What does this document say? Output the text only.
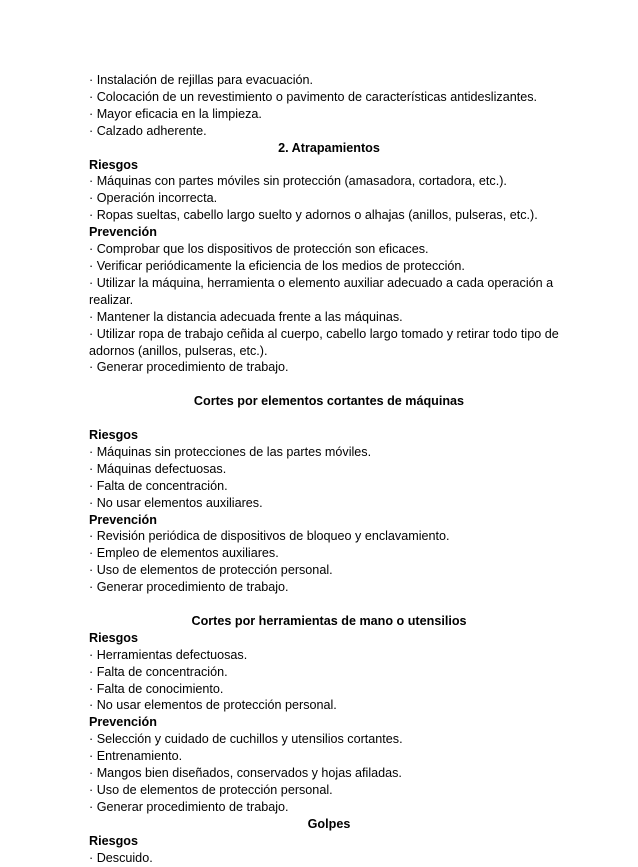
· Instalación de rejillas para evacuación.
· Colocación de un revestimiento o pavimento de características antideslizantes.
· Mayor eficacia en la limpieza.
· Calzado adherente.
2. Atrapamientos
Riesgos
· Máquinas con partes móviles sin protección (amasadora, cortadora, etc.).
· Operación incorrecta.
· Ropas sueltas, cabello largo suelto y adornos o alhajas (anillos, pulseras, etc.).
Prevención
· Comprobar que los dispositivos de protección son eficaces.
· Verificar periódicamente la eficiencia de los medios de protección.
· Utilizar la máquina, herramienta o elemento auxiliar adecuado a cada operación a realizar.
· Mantener la distancia adecuada frente a las máquinas.
· Utilizar ropa de trabajo ceñida al cuerpo, cabello largo tomado y retirar todo tipo de adornos (anillos, pulseras, etc.).
· Generar procedimiento de trabajo.
Cortes por elementos cortantes de máquinas
Riesgos
· Máquinas sin protecciones de las partes móviles.
· Máquinas defectuosas.
· Falta de concentración.
· No usar elementos auxiliares.
Prevención
· Revisión periódica de dispositivos de bloqueo y enclavamiento.
· Empleo de elementos auxiliares.
· Uso de elementos de protección personal.
· Generar procedimiento de trabajo.
Cortes por herramientas de mano o utensilios
Riesgos
· Herramientas defectuosas.
· Falta de concentración.
· Falta de conocimiento.
· No usar elementos de protección personal.
Prevención
· Selección y cuidado de cuchillos y utensilios cortantes.
· Entrenamiento.
· Mangos bien diseñados, conservados y hojas afiladas.
· Uso de elementos de protección personal.
· Generar procedimiento de trabajo.
Golpes
Riesgos
· Descuido.
